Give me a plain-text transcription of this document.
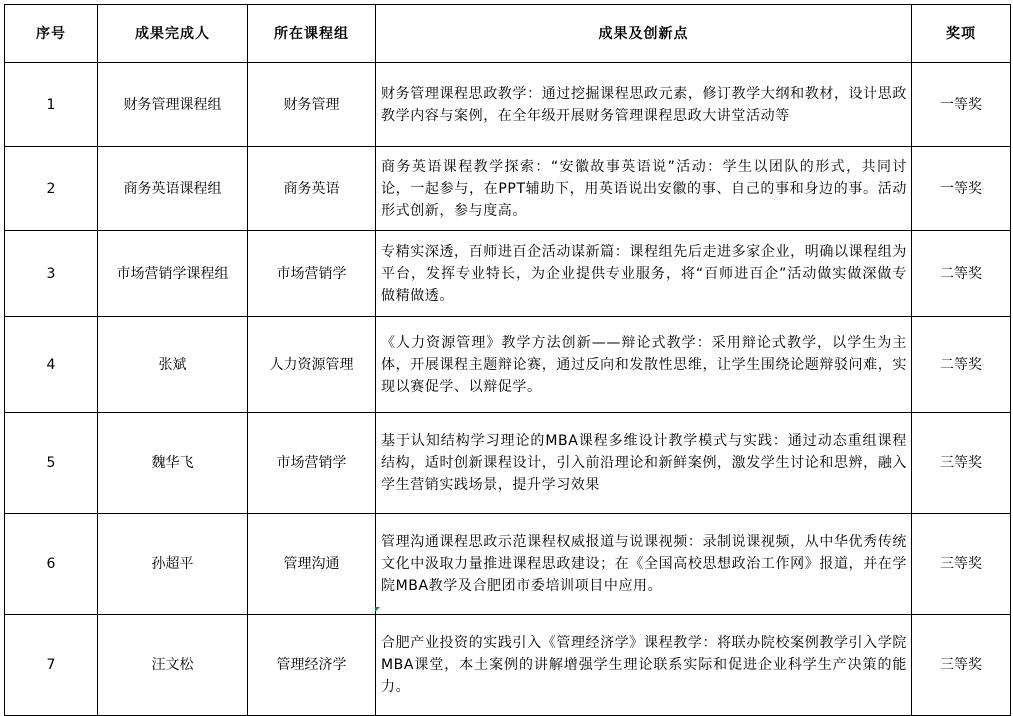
序号	成果完成人	所在课程组	成果及创新点	奖项
1	财务管理课程组	财务管理	财务管理课程思政教学：通过挖掘课程思政元素，修订教学大纲和教材，设计思政教学内容与案例，在全年级开展财务管理课程思政大讲堂活动等	一等奖
2	商务英语课程组	商务英语	商务英语课程教学探索：“安徽故事英语说”活动：学生以团队的形式，共同讨论，一起参与，在PPT辅助下，用英语说出安徽的事、自己的事和身边的事。活动形式创新，参与度高。	一等奖
3	市场营销学课程组	市场营销学	专精实深透，百师进百企活动谋新篇：课程组先后走进多家企业，明确以课程组为平台，发挥专业特长，为企业提供专业服务，将“百师进百企”活动做实做深做专做精做透。	二等奖
4	张斌	人力资源管理	《人力资源管理》教学方法创新——辩论式教学：采用辩论式教学，以学生为主体，开展课程主题辩论赛，通过反向和发散性思维，让学生围绕论题辩驳问难，实现以赛促学、以辩促学。	二等奖
5	魏华飞	市场营销学	基于认知结构学习理论的MBA课程多维设计教学模式与实践：通过动态重组课程结构，适时创新课程设计，引入前沿理论和新鲜案例，激发学生讨论和思辨，融入学生营销实践场景，提升学习效果	三等奖
6	孙超平	管理沟通	管理沟通课程思政示范课程权威报道与说课视频：录制说课视频，从中华优秀传统文化中汲取力量推进课程思政建设；在《全国高校思想政治工作网》报道，并在学院MBA教学及合肥团市委培训项目中应用。	三等奖
7	汪文松	管理经济学	合肥产业投资的实践引入《管理经济学》课程教学：将联办院校案例教学引入学院MBA课堂，本土案例的讲解增强学生理论联系实际和促进企业科学生产决策的能力。	三等奖
